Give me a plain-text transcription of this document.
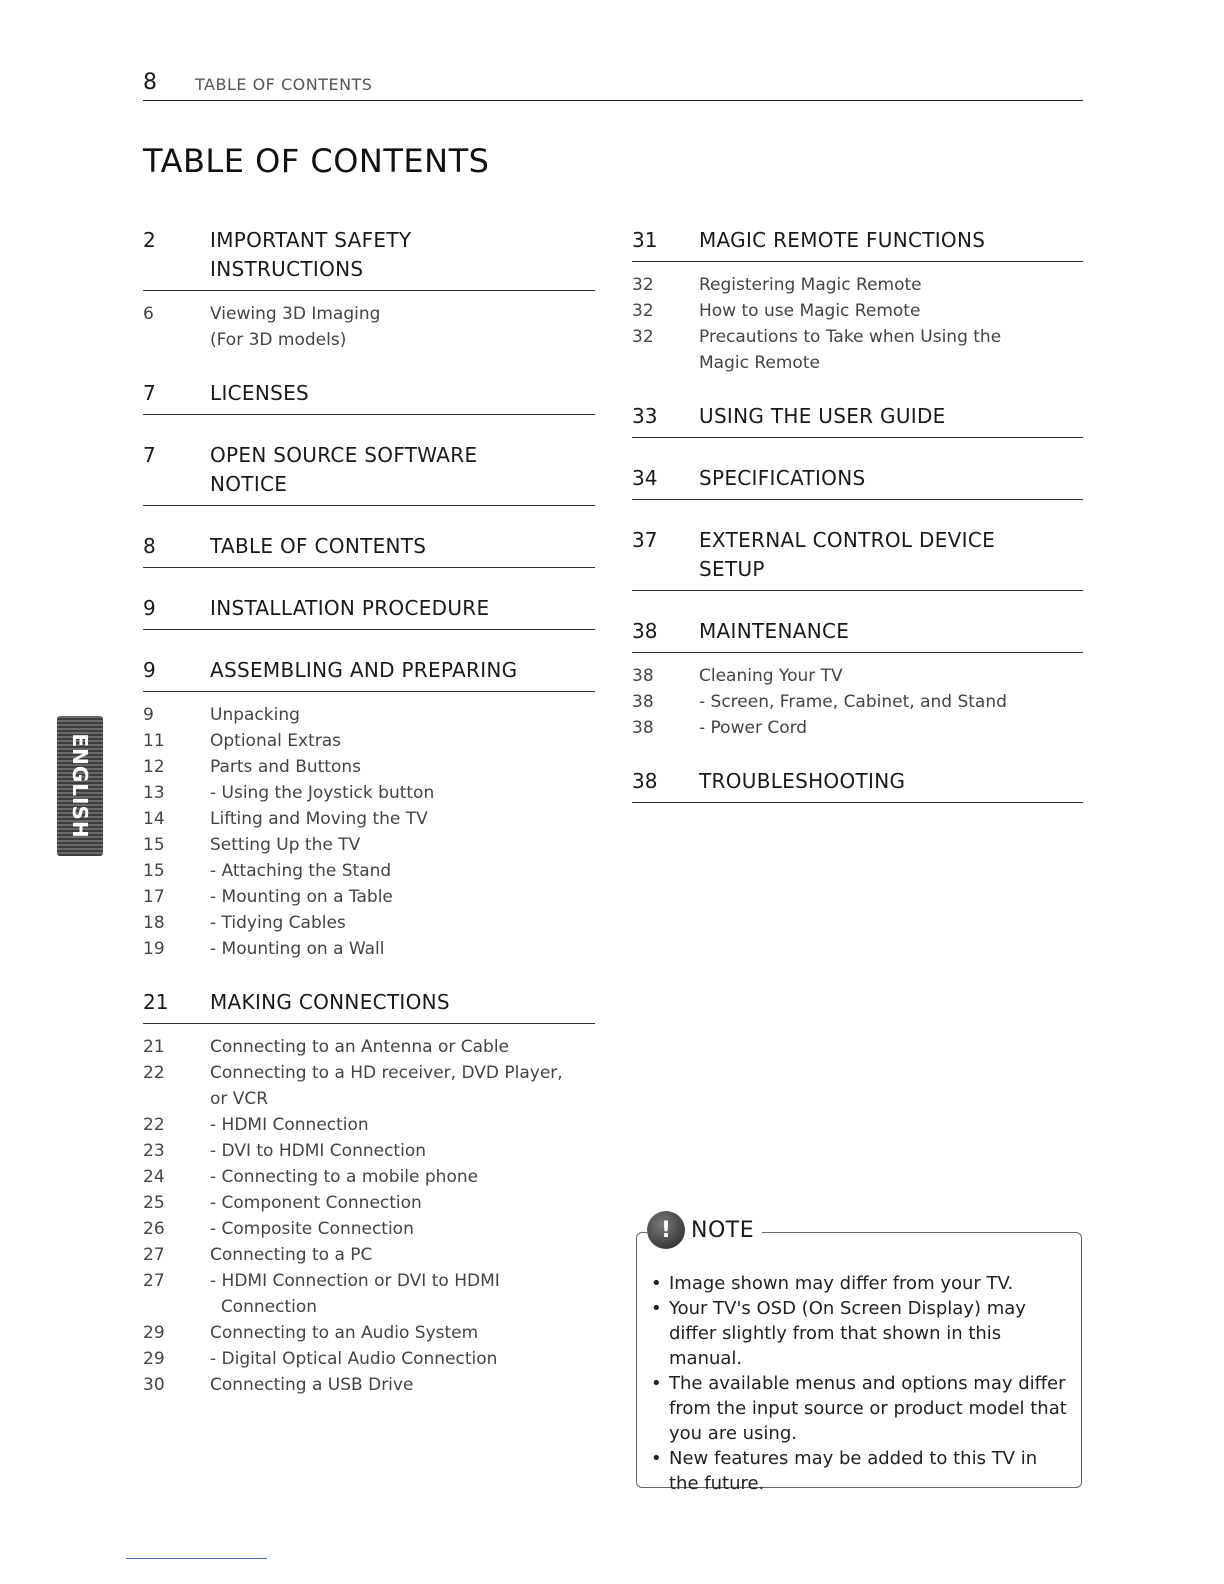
8 TABLE OF CONTENTS
TABLE OF CONTENTS
ENGLISH
2	IMPORTANT SAFETY
INSTRUCTIONS
6	Viewing 3D Imaging
(For 3D models)
7	LICENSES
7	OPEN SOURCE SOFTWARE
NOTICE
8	TABLE OF CONTENTS
9	INSTALLATION PROCEDURE
9	ASSEMBLING AND PREPARING
9	Unpacking
11	Optional Extras
12	Parts and Buttons
13	- Using the Joystick button
14	Lifting and Moving the TV
15	Setting Up the TV
15	- Attaching the Stand
17	- Mounting on a Table
18	- Tidying Cables
19	- Mounting on a Wall
21	MAKING CONNECTIONS
21	Connecting to an Antenna or Cable
22	Connecting to a HD receiver, DVD Player,
or VCR
22	- HDMI Connection
23	- DVI to HDMI Connection
24	- Connecting to a mobile phone
25	- Component Connection
26	- Composite Connection
27	Connecting to a PC
27	- HDMI Connection or DVI to HDMI
Connection
29	Connecting to an Audio System
29	- Digital Optical Audio Connection
30	Connecting a USB Drive
31	MAGIC REMOTE FUNCTIONS
32	Registering Magic Remote
32	How to use Magic Remote
32	Precautions to Take when Using the
Magic Remote
33	USING THE USER GUIDE
34	SPECIFICATIONS
37	EXTERNAL CONTROL DEVICE
SETUP
38	MAINTENANCE
38	Cleaning Your TV
38	- Screen, Frame, Cabinet, and Stand
38	- Power Cord
38	TROUBLESHOOTING
! NOTE
• Image shown may differ from your TV.
• Your TV's OSD (On Screen Display) may differ slightly from that shown in this manual.
• The available menus and options may differ from the input source or product model that you are using.
• New features may be added to this TV in the future.
